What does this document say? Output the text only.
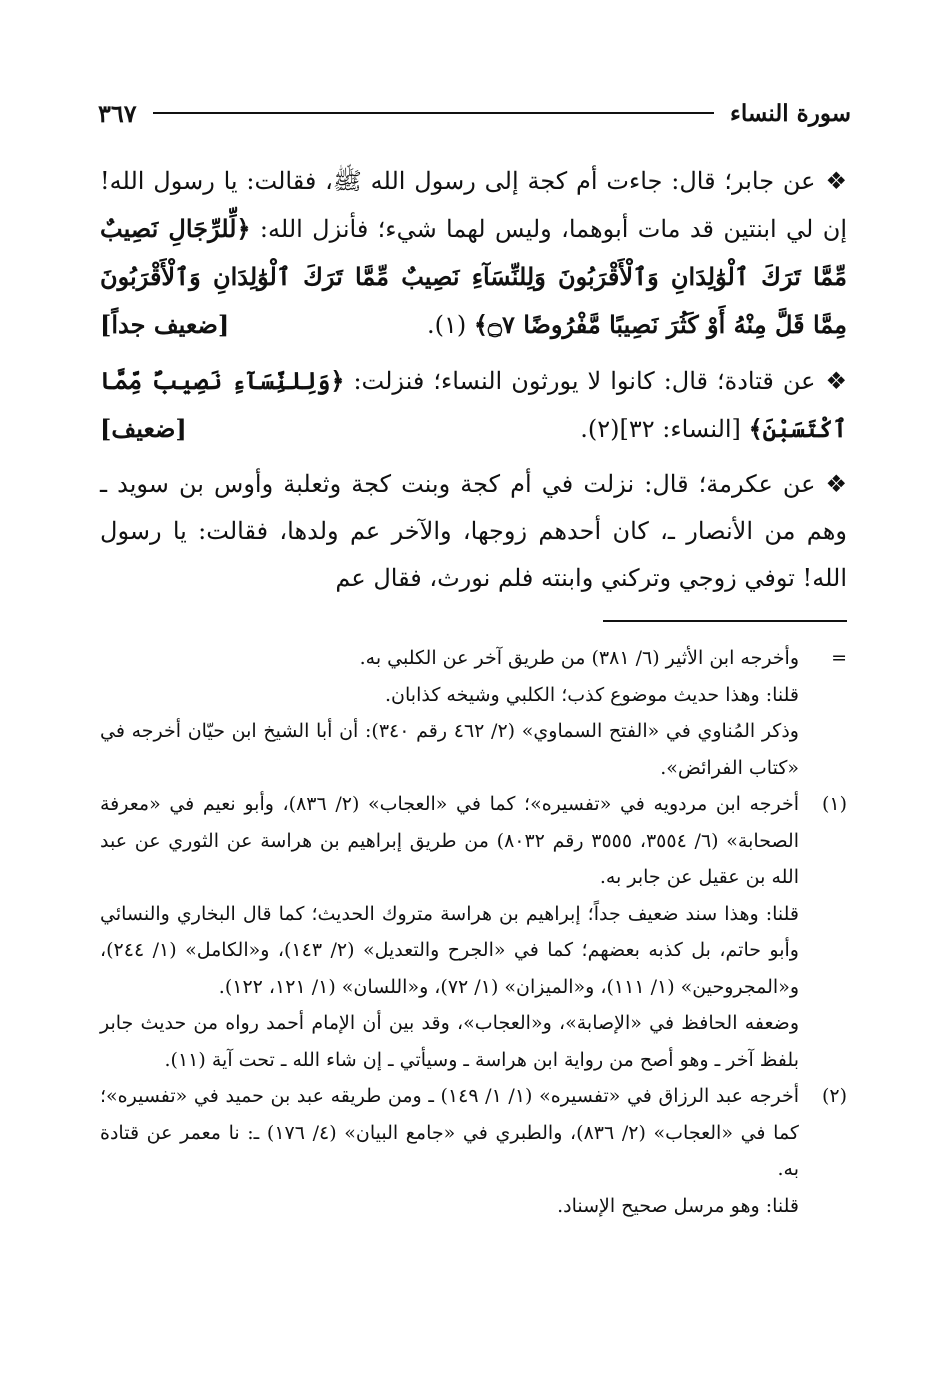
سورة النساء
٣٦٧
❖عن جابر؛ قال: جاءت أم كجة إلى رسول الله ﷺ، فقالت: يا رسول الله! إن لي ابنتين قد مات أبوهما، وليس لهما شيء؛ فأنزل الله: ﴿لِّلرِّجَالِ نَصِيبٌ مِّمَّا تَرَكَ ٱلْوَٰلِدَانِ وَٱلْأَقْرَبُونَ وَلِلنِّسَآءِ نَصِيبٌ مِّمَّا تَرَكَ ٱلْوَٰلِدَانِ وَٱلْأَقْرَبُونَ مِمَّا قَلَّ مِنْهُ أَوْ كَثُرَ نَصِيبًا مَّفْرُوضًا ۝٧﴾ (١).
[ضعيف جداً]
❖عن قتادة؛ قال: كانوا لا يورثون النساء؛ فنزلت: ﴿وَلِلنِّسَآءِ نَصِيبٌ مِّمَّا ٱكْتَسَبْنَ﴾ [النساء: ٣٢](٢).
[ضعيف]
❖عن عكرمة؛ قال: نزلت في أم كجة وبنت كجة وثعلبة وأوس بن سويد ـ وهم من الأنصار ـ، كان أحدهم زوجها، والآخر عم ولدها، فقالت: يا رسول الله! توفي زوجي وتركني وابنته فلم نورث، فقال عم
=

وأخرجه ابن الأثير (٦/ ٣٨١) من طريق آخر عن الكلبي به.

قلنا: وهذا حديث موضوع كذب؛ الكلبي وشيخه كذابان.

وذكر المُناوي في «الفتح السماوي» (٢/ ٤٦٢ رقم ٣٤٠): أن أبا الشيخ ابن حيّان أخرجه في «كتاب الفرائض».

(١)

أخرجه ابن مردويه في «تفسيره»؛ كما في «العجاب» (٢/ ٨٣٦)، وأبو نعيم في «معرفة الصحابة» (٦/ ٣٥٥٤، ٣٥٥٥ رقم ٨٠٣٢) من طريق إبراهيم بن هراسة عن الثوري عن عبد الله بن عقيل عن جابر به.

قلنا: وهذا سند ضعيف جداً؛ إبراهيم بن هراسة متروك الحديث؛ كما قال البخاري والنسائي وأبو حاتم، بل كذبه بعضهم؛ كما في «الجرح والتعديل» (٢/ ١٤٣)، و«الكامل» (١/ ٢٤٤)، و«المجروحين» (١/ ١١١)، و«الميزان» (١/ ٧٢)، و«اللسان» (١/ ١٢١، ١٢٢).

وضعفه الحافظ في «الإصابة»، و«العجاب»، وقد بين أن الإمام أحمد رواه من حديث جابر بلفظ آخر ـ وهو أصح من رواية ابن هراسة ـ وسيأتي ـ إن شاء الله ـ تحت آية (١١).

(٢)

أخرجه عبد الرزاق في «تفسيره» (١/ ١/ ١٤٩) ـ ومن طريقه عبد بن حميد في «تفسيره»؛ كما في «العجاب» (٢/ ٨٣٦)، والطبري في «جامع البيان» (٤/ ١٧٦) ـ: نا معمر عن قتادة به.

قلنا: وهو مرسل صحيح الإسناد.
